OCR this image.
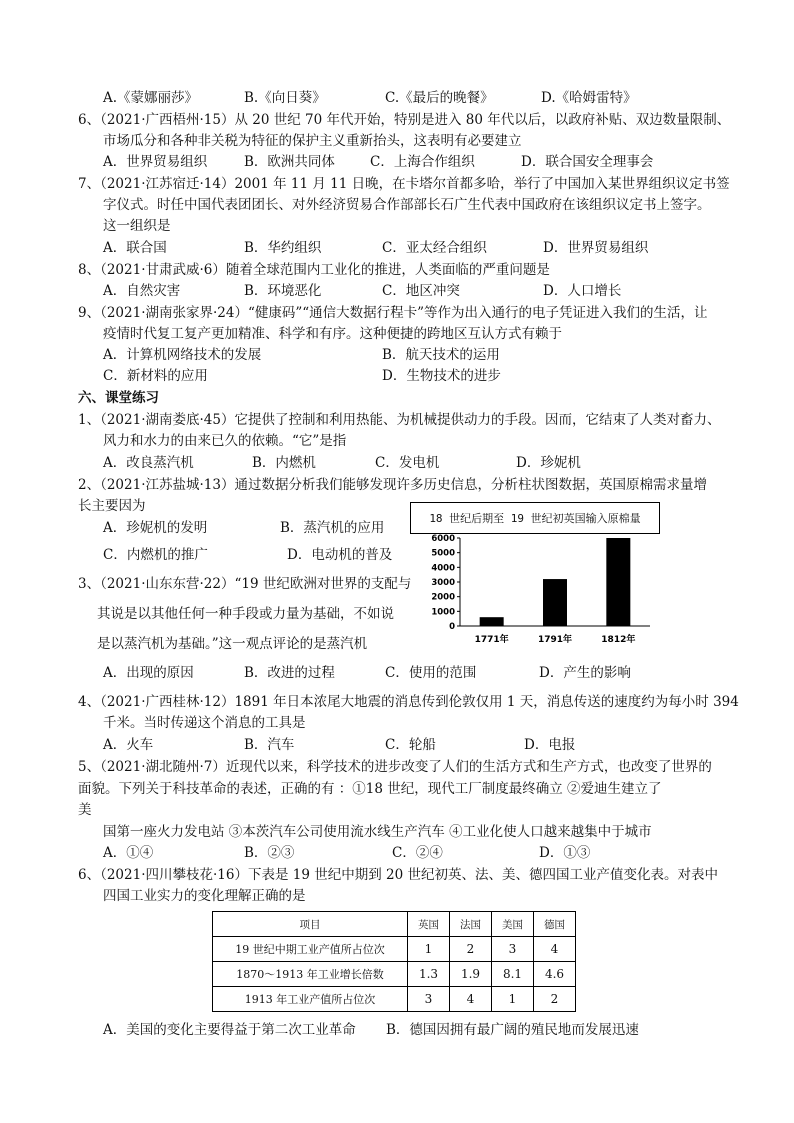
A.《蒙娜丽莎》	B.《向日葵》	C.《最后的晚餐》	D.《哈姆雷特》
6、（2021·广西梧州·15）从 20 世纪 70 年代开始，特别是进入 80 年代以后，以政府补贴、双边数量限制、
市场瓜分和各种非关税为特征的保护主义重新抬头，这表明有必要建立
A．世界贸易组织	B．欧洲共同体	C．上海合作组织	D．联合国安全理事会
7、（2021·江苏宿迁·14）2001 年 11 月 11 日晚，在卡塔尔首都多哈，举行了中国加入某世界组织议定书签
字仪式。时任中国代表团团长、对外经济贸易合作部部长石广生代表中国政府在该组织议定书上签字。
这一组织是
A．联合国	B．华约组织	C．亚太经合组织	D．世界贸易组织
8、（2021·甘肃武威·6）随着全球范围内工业化的推进，人类面临的严重问题是
A．自然灾害	B．环境恶化	C．地区冲突	D．人口增长
9、（2021·湖南张家界·24）“健康码”“通信大数据行程卡”等作为出入通行的电子凭证进入我们的生活，让
疫情时代复工复产更加精准、科学和有序。这种便捷的跨地区互认方式有赖于
A．计算机网络技术的发展	B．航天技术的运用
C．新材料的应用	D．生物技术的进步
六、课堂练习
1、（2021·湖南娄底·45）它提供了控制和利用热能、为机械提供动力的手段。因而，它结束了人类对畜力、
风力和水力的由来已久的依赖。“它”是指
A．改良蒸汽机	B．内燃机	C．发电机	D．珍妮机
2、（2021·江苏盐城·13）通过数据分析我们能够发现许多历史信息，分析柱状图数据，英国原棉需求量增
长主要因为
A．珍妮机的发明	B．蒸汽机的应用
C．内燃机的推广	D．电动机的普及
3、（2021·山东东营·22）“19 世纪欧洲对世界的支配与
其说是以其他任何一种手段或力量为基础，不如说
是以蒸汽机为基础。”这一观点评论的是蒸汽机
A．出现的原因	B．改进的过程	C．使用的范围	D．产生的影响
4、（2021·广西桂林·12）1891 年日本浓尾大地震的消息传到伦敦仅用 1 天，消息传送的速度约为每小时 394
千米。当时传递这个消息的工具是
A．火车	B．汽车	C．轮船	D．电报
5、（2021·湖北随州·7）近现代以来，科学技术的进步改变了人们的生活方式和生产方式，也改变了世界的
面貌。下列关于科技革命的表述，正确的有 ：①18 世纪，现代工厂制度最终确立 ②爱迪生建立了
美
国第一座火力发电站 ③本茨汽车公司使用流水线生产汽车 ④工业化使人口越来越集中于城市
A．①④	B．②③	C．②④	D．①③
6、（2021·四川攀枝花·16）下表是 19 世纪中期到 20 世纪初英、法、美、德四国工业产值变化表。对表中
四国工业实力的变化理解正确的是
A．美国的变化主要得益于第二次工业革命 B．德国因拥有最广阔的殖民地而发展迅速
18 世纪后期至 19 世纪初英国输入原棉量
0
1000
2000
3000
4000
5000
6000
1771年	1791年	1812年
项目	英国	法国	美国	德国
19 世纪中期工业产值所占位次	1	2	3	4
1870～1913 年工业增长倍数	1.3	1.9	8.1	4.6
1913 年工业产值所占位次	3	4	1	2
